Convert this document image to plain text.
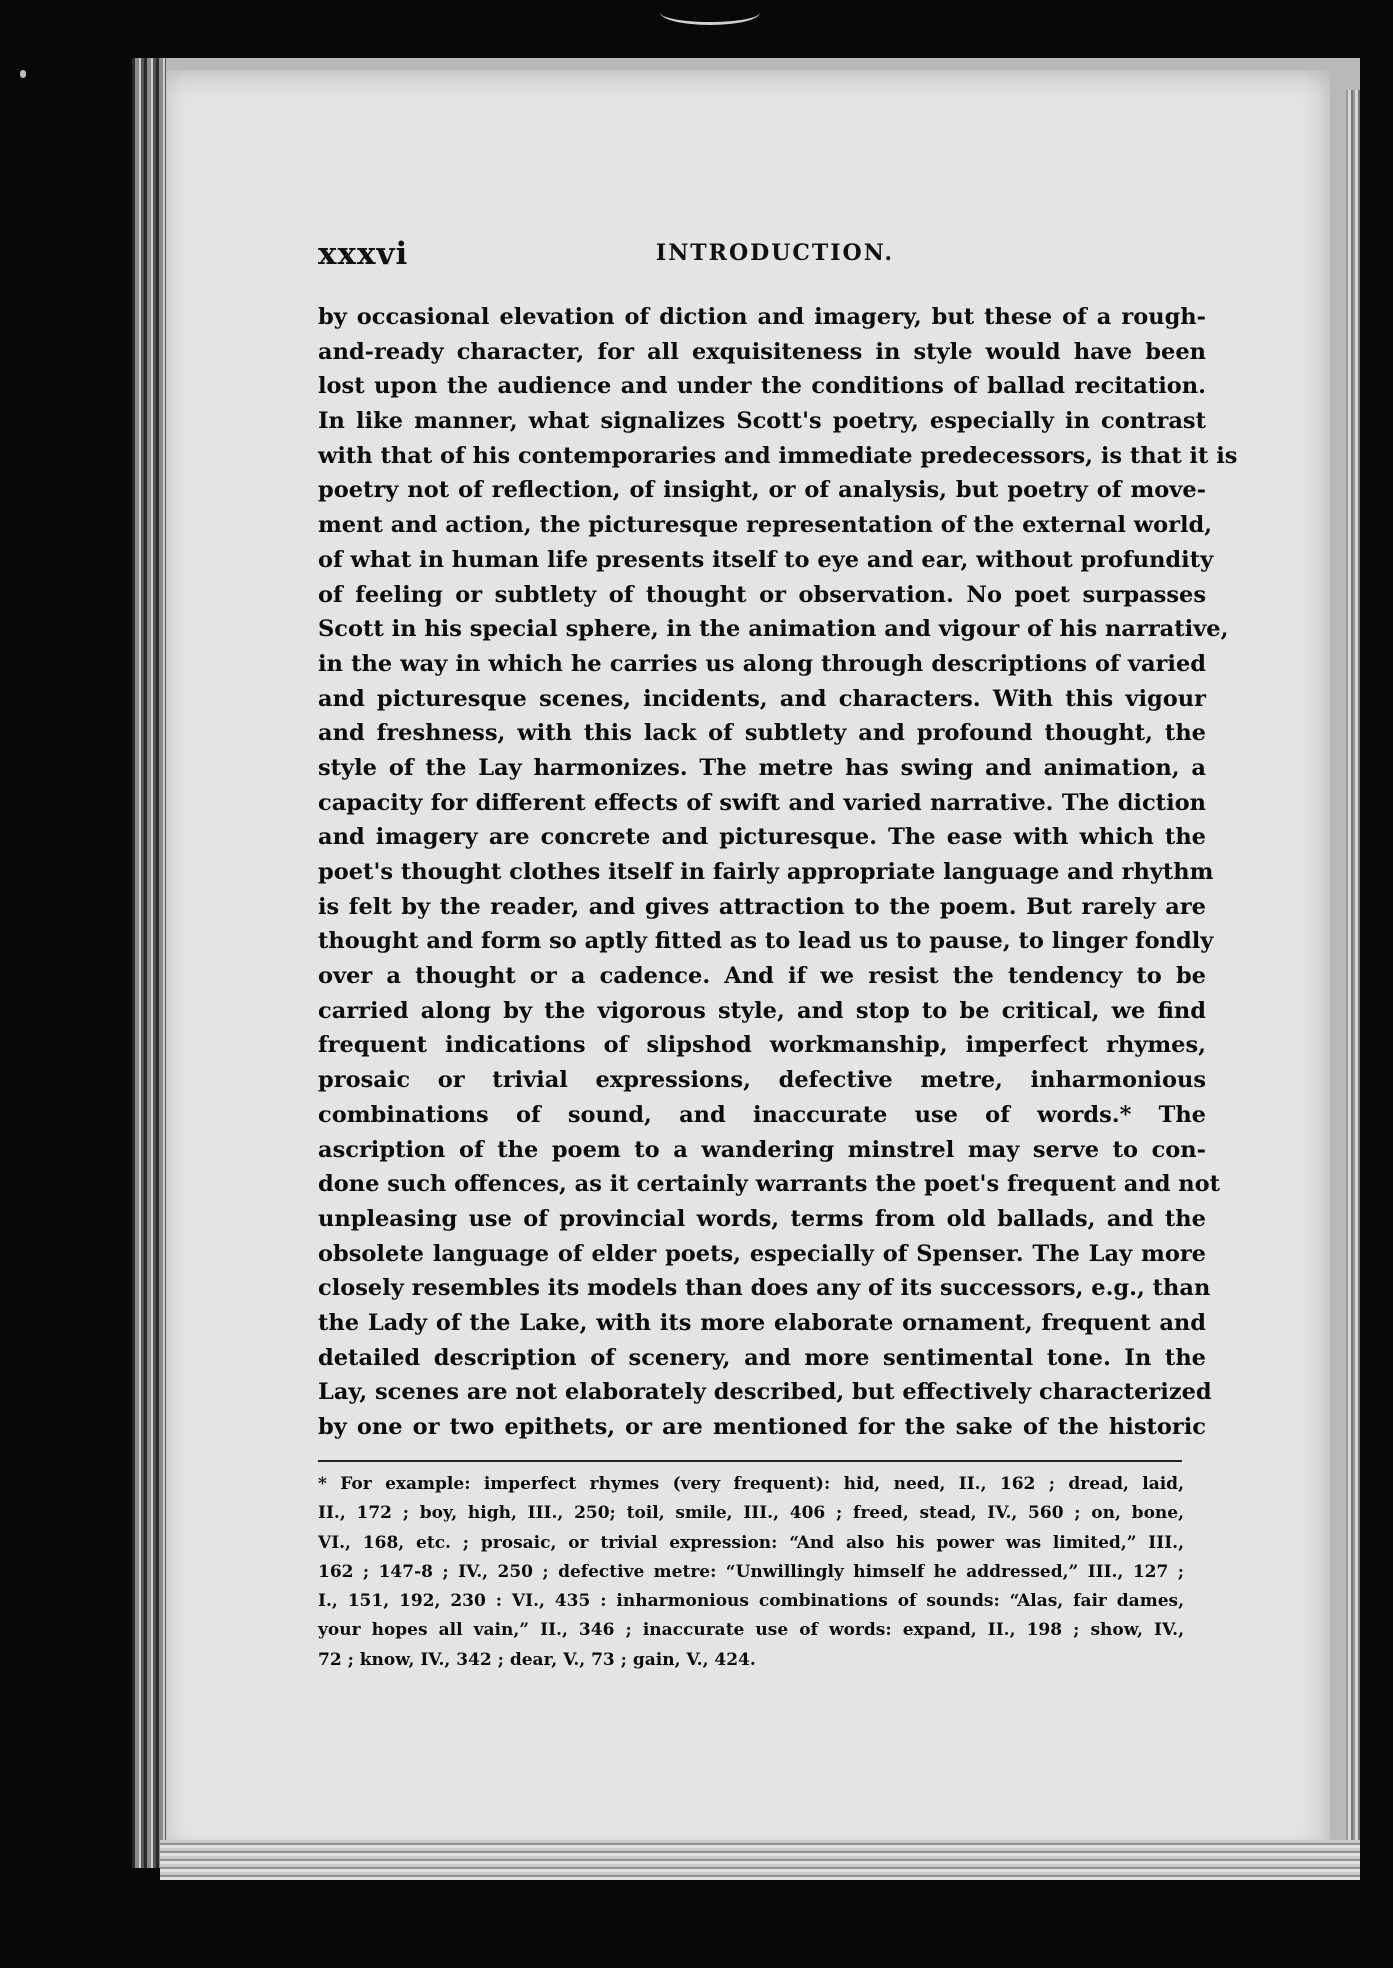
xxxvi	INTRODUCTION.
by occasional elevation of diction and imagery, but these of a rough-
and-ready character, for all exquisiteness in style would have been
lost upon the audience and under the conditions of ballad recitation.
In like manner, what signalizes Scott's poetry, especially in contrast
with that of his contemporaries and immediate predecessors, is that it is
poetry not of reflection, of insight, or of analysis, but poetry of move-
ment and action, the picturesque representation of the external world,
of what in human life presents itself to eye and ear, without profundity
of feeling or subtlety of thought or observation. No poet surpasses
Scott in his special sphere, in the animation and vigour of his narrative,
in the way in which he carries us along through descriptions of varied
and picturesque scenes, incidents, and characters. With this vigour
and freshness, with this lack of subtlety and profound thought, the
style of the Lay harmonizes. The metre has swing and animation, a
capacity for different effects of swift and varied narrative. The diction
and imagery are concrete and picturesque. The ease with which the
poet's thought clothes itself in fairly appropriate language and rhythm
is felt by the reader, and gives attraction to the poem. But rarely are
thought and form so aptly fitted as to lead us to pause, to linger fondly
over a thought or a cadence. And if we resist the tendency to be
carried along by the vigorous style, and stop to be critical, we find
frequent indications of slipshod workmanship, imperfect rhymes,
prosaic or trivial expressions, defective metre, inharmonious
combinations of sound, and inaccurate use of words.* The
ascription of the poem to a wandering minstrel may serve to con-
done such offences, as it certainly warrants the poet's frequent and not
unpleasing use of provincial words, terms from old ballads, and the
obsolete language of elder poets, especially of Spenser. The Lay more
closely resembles its models than does any of its successors, e.g., than
the Lady of the Lake, with its more elaborate ornament, frequent and
detailed description of scenery, and more sentimental tone. In the
Lay, scenes are not elaborately described, but effectively characterized
by one or two epithets, or are mentioned for the sake of the historic
* For example: imperfect rhymes (very frequent): hid, need, II., 162 ; dread, laid,
II., 172 ; boy, high, III., 250; toil, smile, III., 406 ; freed, stead, IV., 560 ; on, bone,
VI., 168, etc. ; prosaic, or trivial expression: “And also his power was limited,” III.,
162 ; 147-8 ; IV., 250 ; defective metre: “Unwillingly himself he addressed,” III., 127 ;
I., 151, 192, 230 : VI., 435 : inharmonious combinations of sounds: “Alas, fair dames,
your hopes all vain,” II., 346 ; inaccurate use of words: expand, II., 198 ; show, IV.,
72 ; know, IV., 342 ; dear, V., 73 ; gain, V., 424.
